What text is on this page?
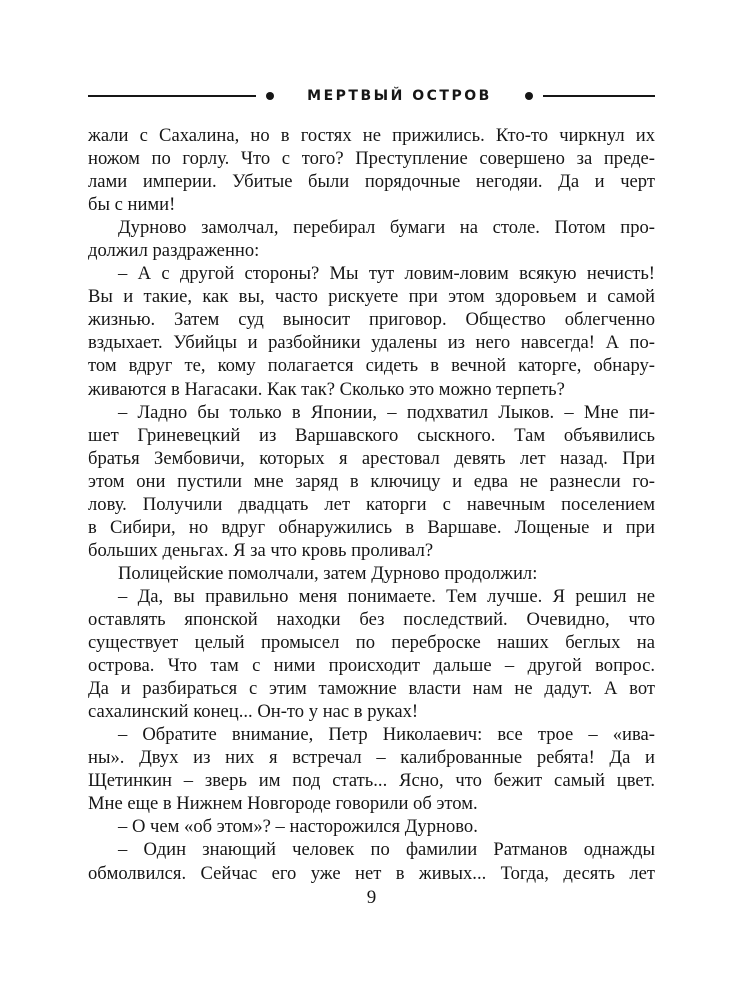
МЕРТВЫЙ ОСТРОВ
жали с Сахалина, но в гостях не прижились. Кто-то чиркнул их
ножом по горлу. Что с того? Преступление совершено за преде-
лами империи. Убитые были порядочные негодяи. Да и черт
бы с ними!
Дурново замолчал, перебирал бумаги на столе. Потом про-
должил раздраженно:
– А с другой стороны? Мы тут ловим-ловим всякую нечисть!
Вы и такие, как вы, часто рискуете при этом здоровьем и самой
жизнью. Затем суд выносит приговор. Общество облегченно
вздыхает. Убийцы и разбойники удалены из него навсегда! А по-
том вдруг те, кому полагается сидеть в вечной каторге, обнару-
живаются в Нагасаки. Как так? Сколько это можно терпеть?
– Ладно бы только в Японии, – подхватил Лыков. – Мне пи-
шет Гриневецкий из Варшавского сыскного. Там объявились
братья Зембовичи, которых я арестовал девять лет назад. При
этом они пустили мне заряд в ключицу и едва не разнесли го-
лову. Получили двадцать лет каторги с навечным поселением
в Сибири, но вдруг обнаружились в Варшаве. Лощеные и при
больших деньгах. Я за что кровь проливал?
Полицейские помолчали, затем Дурново продолжил:
– Да, вы правильно меня понимаете. Тем лучше. Я решил не
оставлять японской находки без последствий. Очевидно, что
существует целый промысел по переброске наших беглых на
острова. Что там с ними происходит дальше – другой вопрос.
Да и разбираться с этим таможние власти нам не дадут. А вот
сахалинский конец... Он-то у нас в руках!
– Обратите внимание, Петр Николаевич: все трое – «ива-
ны». Двух из них я встречал – калиброванные ребята! Да и
Щетинкин – зверь им под стать... Ясно, что бежит самый цвет.
Мне еще в Нижнем Новгороде говорили об этом.
– О чем «об этом»? – насторожился Дурново.
– Один знающий человек по фамилии Ратманов однажды
обмолвился. Сейчас его уже нет в живых... Тогда, десять лет
9
